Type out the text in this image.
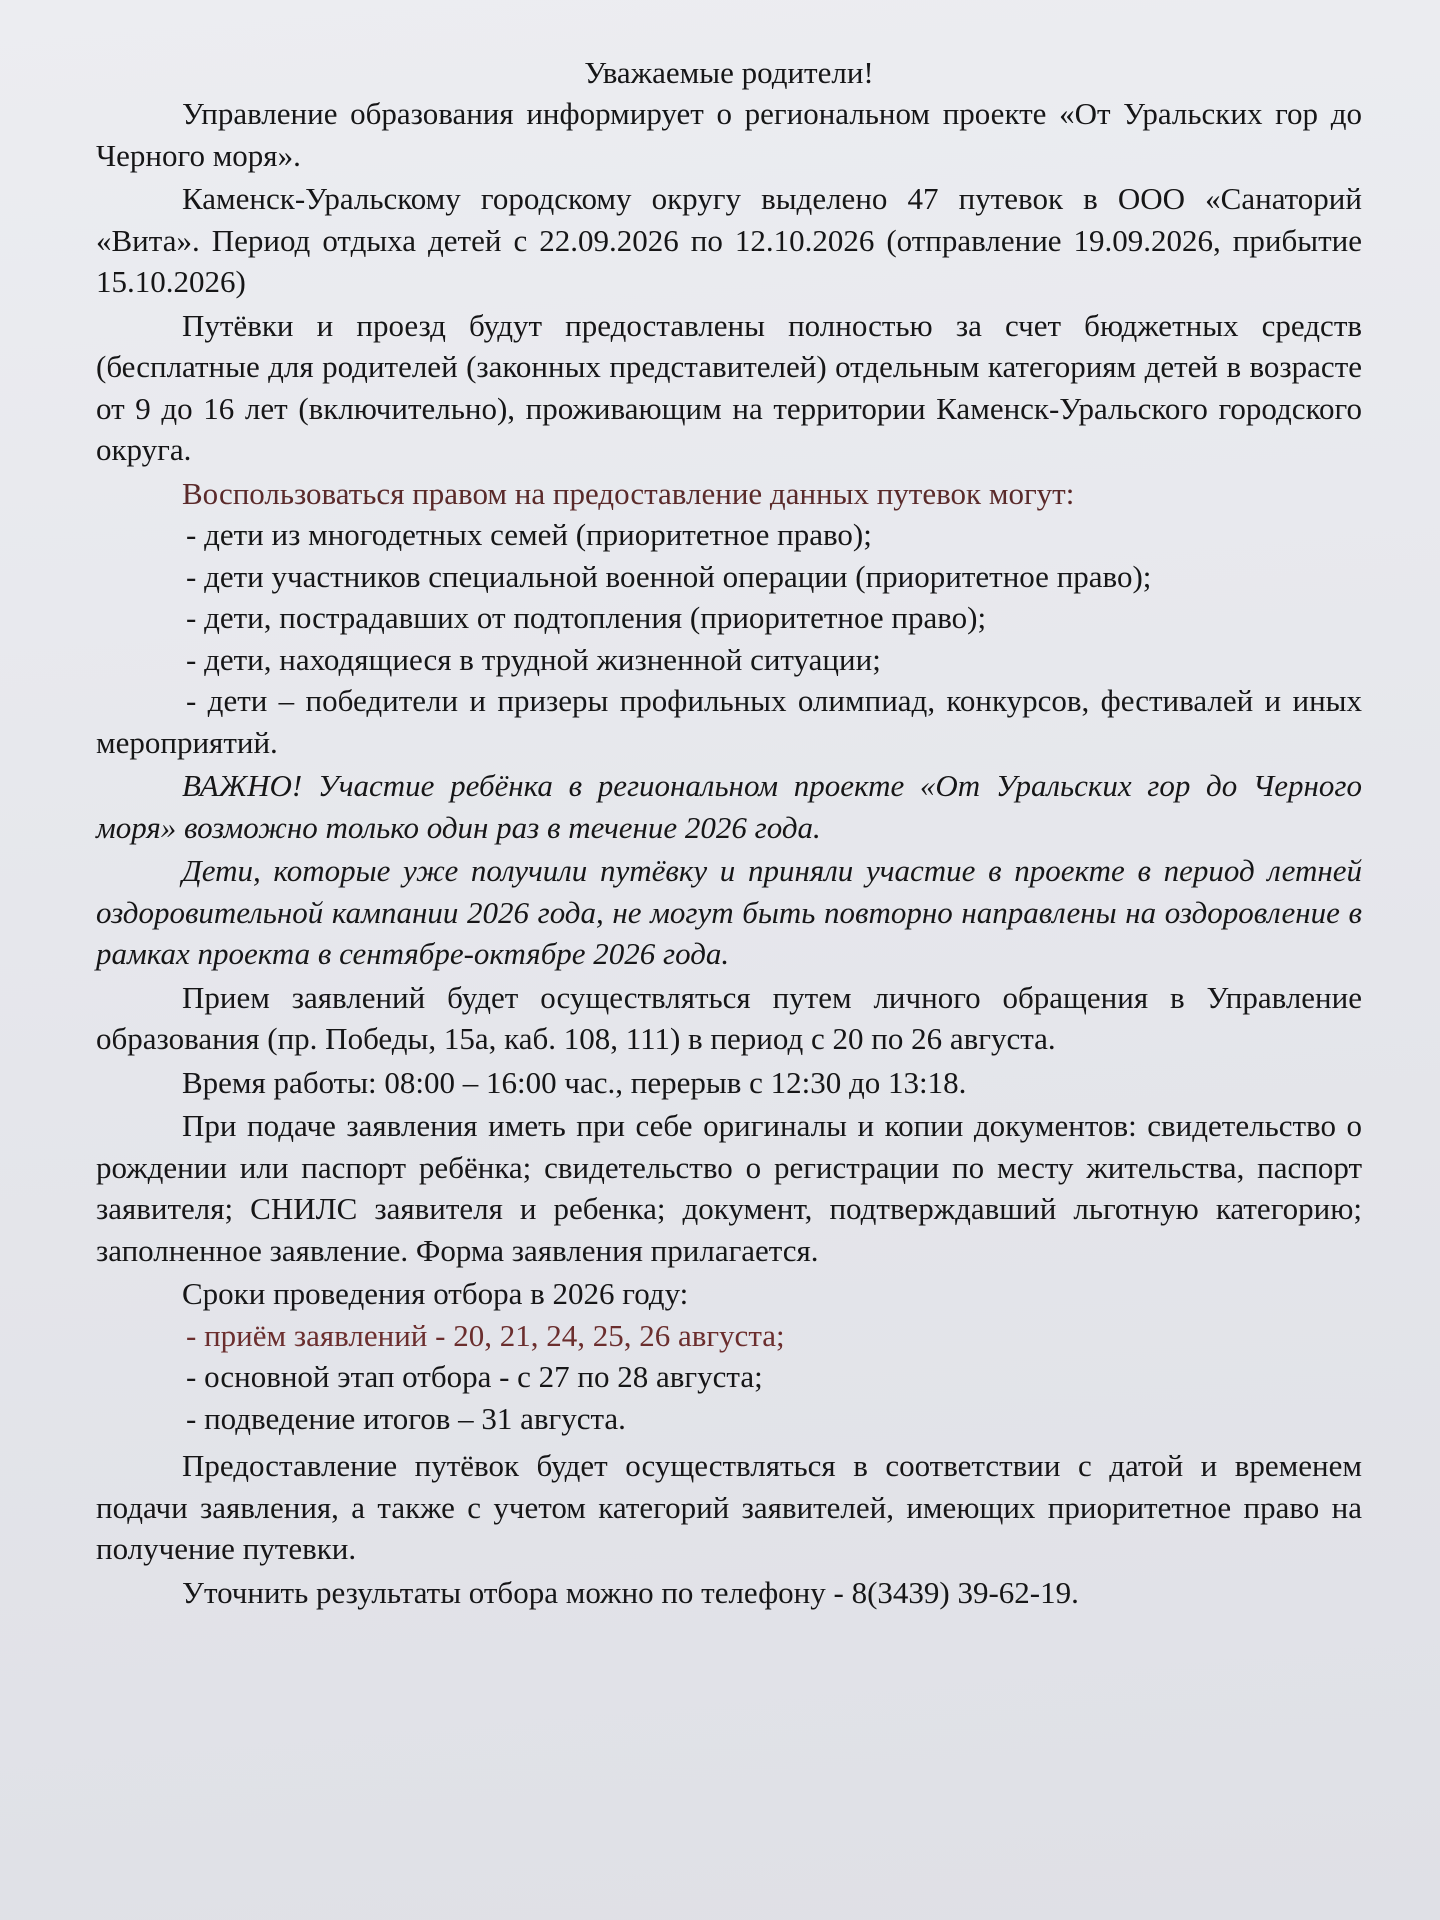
Уважаемые родители!

Управление образования информирует о региональном проекте «От Уральских гор до Черного моря».

Каменск-Уральскому городскому округу выделено 47 путевок в ООО «Санаторий «Вита». Период отдыха детей с 22.09.2026 по 12.10.2026 (отправление 19.09.2026, прибытие 15.10.2026)

Путёвки и проезд будут предоставлены полностью за счет бюджетных средств (бесплатные для родителей (законных представителей) отдельным категориям детей в возрасте от 9 до 16 лет (включительно), проживающим на территории Каменск-Уральского городского округа.

Воспользоваться правом на предоставление данных путевок могут:

- дети из многодетных семей (приоритетное право);

- дети участников специальной военной операции (приоритетное право);

- дети, пострадавших от подтопления (приоритетное право);

- дети, находящиеся в трудной жизненной ситуации;

- дети – победители и призеры профильных олимпиад, конкурсов, фестивалей и иных мероприятий.

ВАЖНО! Участие ребёнка в региональном проекте «От Уральских гор до Черного моря» возможно только один раз в течение 2026 года.

Дети, которые уже получили путёвку и приняли участие в проекте в период летней оздоровительной кампании 2026 года, не могут быть повторно направлены на оздоровление в рамках проекта в сентябре-октябре 2026 года.

Прием заявлений будет осуществляться путем личного обращения в Управление образования (пр. Победы, 15а, каб. 108, 111) в период с 20 по 26 августа.

Время работы: 08:00 – 16:00 час., перерыв с 12:30 до 13:18.

При подаче заявления иметь при себе оригиналы и копии документов: свидетельство о рождении или паспорт ребёнка; свидетельство о регистрации по месту жительства, паспорт заявителя; СНИЛС заявителя и ребенка; документ, подтверждавший льготную категорию; заполненное заявление. Форма заявления прилагается.

Сроки проведения отбора в 2026 году:

- приём заявлений - 20, 21, 24, 25, 26 августа;

- основной этап отбора - с 27 по 28 августа;

- подведение итогов – 31 августа.

Предоставление путёвок будет осуществляться в соответствии с датой и временем подачи заявления, а также с учетом категорий заявителей, имеющих приоритетное право на получение путевки.

Уточнить результаты отбора можно по телефону - 8(3439) 39-62-19.
